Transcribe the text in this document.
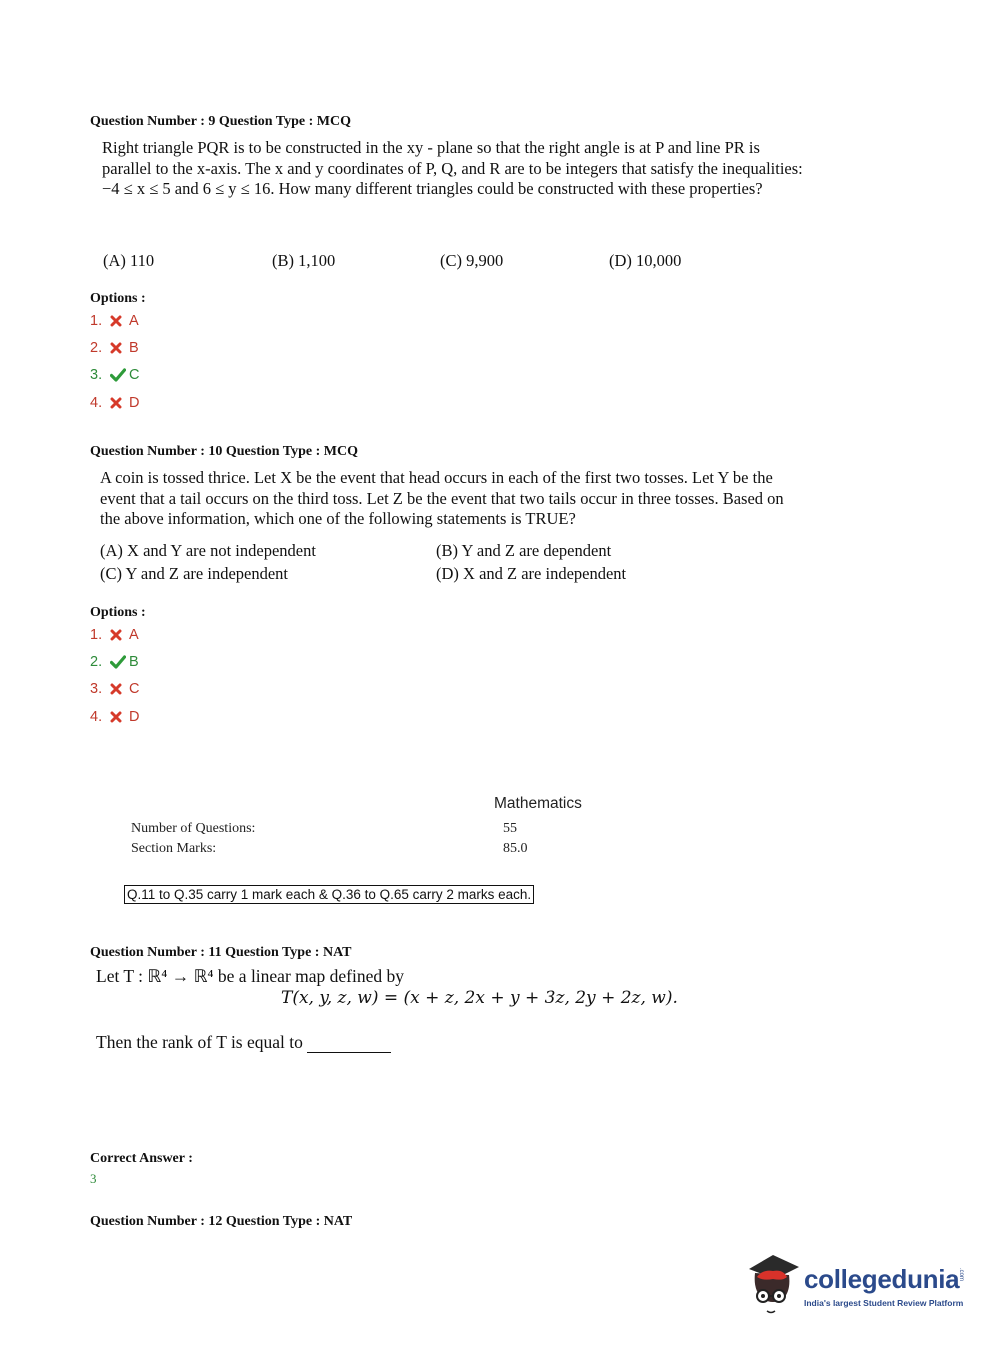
Question Number : 9 Question Type : MCQ
Right triangle PQR is to be constructed in the xy - plane so that the right angle is at P and line PR is parallel to the x-axis. The x and y coordinates of P, Q, and R are to be integers that satisfy the inequalities: −4 ≤ x ≤ 5 and 6 ≤ y ≤ 16. How many different triangles could be constructed with these properties?
(A) 110	(B) 1,100	(C) 9,900	(D) 10,000
Options :
1.	A
2.	B
3.	C
4.	D
Question Number : 10 Question Type : MCQ
A coin is tossed thrice. Let X be the event that head occurs in each of the first two tosses. Let Y be the event that a tail occurs on the third toss. Let Z be the event that two tails occur in three tosses. Based on the above information, which one of the following statements is TRUE?
(A) X and Y are not independent	(B) Y and Z are dependent
(C) Y and Z are independent	(D) X and Z are independent
Options :
1.	A
2.	B
3.	C
4.	D
Mathematics
Number of Questions:	55
Section Marks:	85.0
Q.11 to Q.35 carry 1 mark each & Q.36 to Q.65 carry 2 marks each.
Question Number : 11 Question Type : NAT
Let T : ℝ⁴ → ℝ⁴ be a linear map defined by
T(x, y, z, w) = (x + z, 2x + y + 3z, 2y + 2z, w).
Then the rank of T is equal to
Correct Answer :
3
Question Number : 12 Question Type : NAT
collegedunia
.com
India's largest Student Review Platform
